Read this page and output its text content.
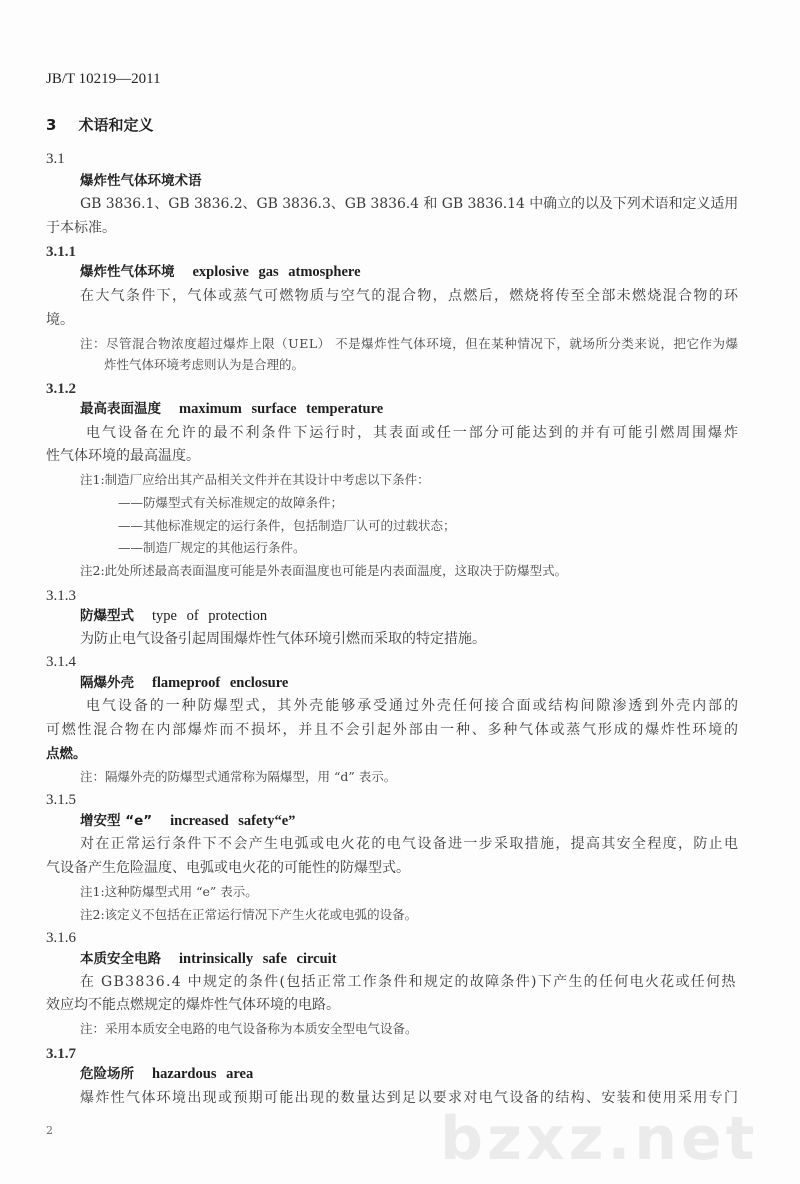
bzxz.net
JB/T 10219—2011
3 术语和定义
3.1
爆炸性气体环境术语
GB 3836.1、GB 3836.2、GB 3836.3、GB 3836.4 和 GB 3836.14 中确立的以及下列术语和定义适用
于本标准。
3.1.1
爆炸性气体环境 explosive gas atmosphere
在大气条件下，气体或蒸气可燃物质与空气的混合物，点燃后，燃烧将传至全部未燃烧混合物的环
境。
注：尽管混合物浓度超过爆炸上限（UEL） 不是爆炸性气体环境，但在某种情况下，就场所分类来说，把它作为爆
炸性气体环境考虑则认为是合理的。
3.1.2
最高表面温度 maximum surface temperature
电气设备在允许的最不利条件下运行时，其表面或任一部分可能达到的并有可能引燃周围爆炸
性气体环境的最高温度。
注1:制造厂应给出其产品相关文件并在其设计中考虑以下条件：
——防爆型式有关标准规定的故障条件；
——其他标准规定的运行条件，包括制造厂认可的过载状态；
——制造厂规定的其他运行条件。
注2:此处所述最高表面温度可能是外表面温度也可能是内表面温度，这取决于防爆型式。
3.1.3
防爆型式 type of protection
为防止电气设备引起周围爆炸性气体环境引燃而采取的特定措施。
3.1.4
隔爆外壳 flameproof enclosure
电气设备的一种防爆型式，其外壳能够承受通过外壳任何接合面或结构间隙渗透到外壳内部的
可燃性混合物在内部爆炸而不损坏，并且不会引起外部由一种、多种气体或蒸气形成的爆炸性环境的
点燃。
注：隔爆外壳的防爆型式通常称为隔爆型，用 “d” 表示。
3.1.5
增安型 “e” increased safety“e”
对在正常运行条件下不会产生电弧或电火花的电气设备进一步采取措施，提高其安全程度，防止电
气设备产生危险温度、电弧或电火花的可能性的防爆型式。
注1:这种防爆型式用 “e” 表示。
注2:该定义不包括在正常运行情况下产生火花或电弧的设备。
3.1.6
本质安全电路 intrinsically safe circuit
在 GB3836.4 中规定的条件(包括正常工作条件和规定的故障条件)下产生的任何电火花或任何热
效应均不能点燃规定的爆炸性气体环境的电路。
注：采用本质安全电路的电气设备称为本质安全型电气设备。
3.1.7
危险场所 hazardous area
爆炸性气体环境出现或预期可能出现的数量达到足以要求对电气设备的结构、安装和使用采用专门
2
